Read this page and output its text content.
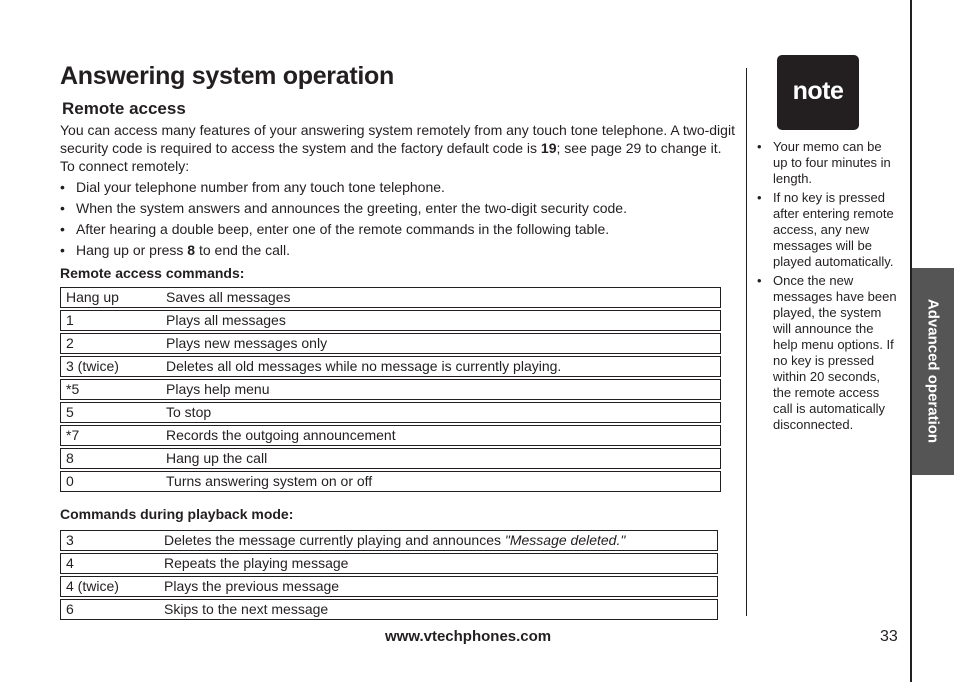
Answering system operation
Remote access

You can access many features of your answering system remotely from any touch tone telephone. A two-digit security code is required to access the system and the factory default code is 19; see page 29 to change it. To connect remotely:

• Dial your telephone number from any touch tone telephone.
• When the system answers and announces the greeting, enter the two-digit security code.
• After hearing a double beep, enter one of the remote commands in the following table.
• Hang up or press 8 to end the call.

Remote access commands:

Hang up	Saves all messages
1	Plays all messages
2	Plays new messages only
3 (twice)	Deletes all old messages while no message is currently playing.
*5	Plays help menu
5	To stop
*7	Records the outgoing announcement
8	Hang up the call
0	Turns answering system on or off

Commands during playback mode:

3	Deletes the message currently playing and announces "Message deleted."
4	Repeats the playing message
4 (twice)	Plays the previous message
6	Skips to the next message
note
• Your memo can be up to four minutes in length.
• If no key is pressed after entering remote access, any new messages will be played automatically.
• Once the new messages have been played, the system will announce the help menu options. If no key is pressed within 20 seconds, the remote access call is automatically disconnected.	Advanced operation

www.vtechphones.com	33
